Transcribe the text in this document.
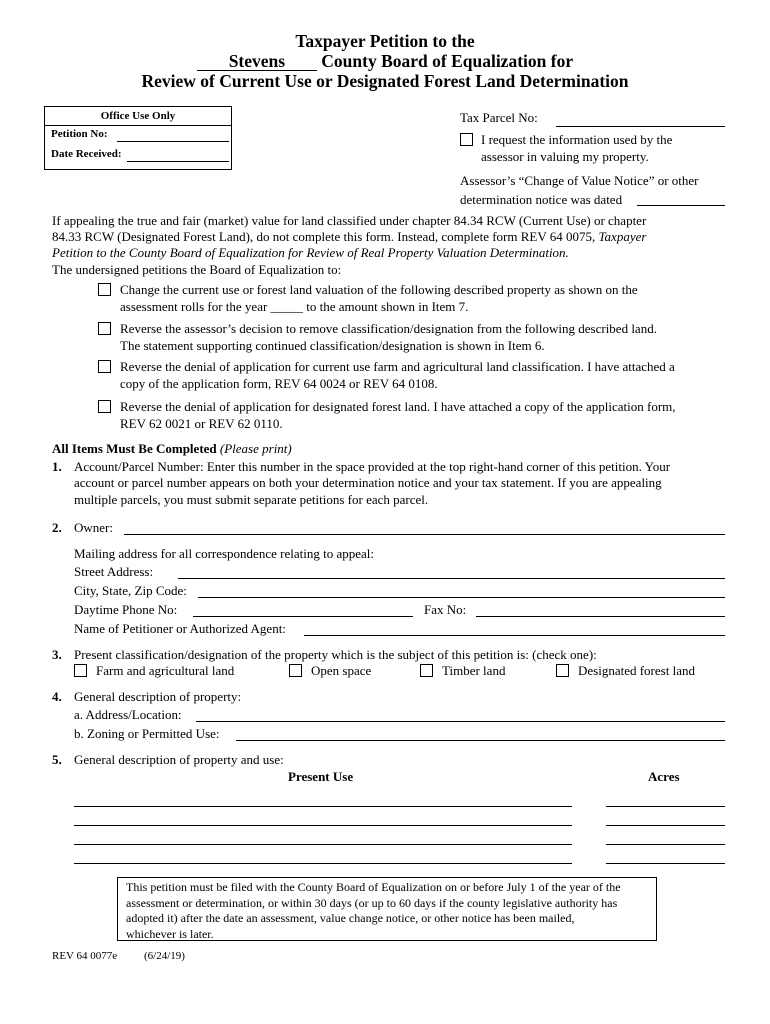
Taxpayer Petition to the
Stevens County Board of Equalization for
Review of Current Use or Designated Forest Land Determination
Office Use Only
Petition No:
Date Received:
Tax Parcel No:
I request the information used by the
assessor in valuing my property.
Assessor’s “Change of Value Notice” or other
determination notice was dated
If appealing the true and fair (market) value for land classified under chapter 84.34 RCW (Current Use) or chapter
84.33 RCW (Designated Forest Land), do not complete this form. Instead, complete form REV 64 0075, Taxpayer
Petition to the County Board of Equalization for Review of Real Property Valuation Determination.
The undersigned petitions the Board of Equalization to:
Change the current use or forest land valuation of the following described property as shown on the
assessment rolls for the year _____ to the amount shown in Item 7.
Reverse the assessor’s decision to remove classification/designation from the following described land.
The statement supporting continued classification/designation is shown in Item 6.
Reverse the denial of application for current use farm and agricultural land classification. I have attached a
copy of the application form, REV 64 0024 or REV 64 0108.
Reverse the denial of application for designated forest land. I have attached a copy of the application form,
REV 62 0021 or REV 62 0110.
All Items Must Be Completed (Please print)
1. Account/Parcel Number: Enter this number in the space provided at the top right-hand corner of this petition. Your
account or parcel number appears on both your determination notice and your tax statement. If you are appealing
multiple parcels, you must submit separate petitions for each parcel.
2. Owner:
Mailing address for all correspondence relating to appeal:
Street Address:
City, State, Zip Code:
Daytime Phone No:	Fax No:
Name of Petitioner or Authorized Agent:
3. Present classification/designation of the property which is the subject of this petition is: (check one):
Farm and agricultural land	Open space	Timber land	Designated forest land
4. General description of property:
a. Address/Location:
b. Zoning or Permitted Use:
5. General description of property and use:
Present Use	Acres
This petition must be filed with the County Board of Equalization on or before July 1 of the year of the
assessment or determination, or within 30 days (or up to 60 days if the county legislative authority has
adopted it) after the date an assessment, value change notice, or other notice has been mailed,
whichever is later.
REV 64 0077e (6/24/19)
